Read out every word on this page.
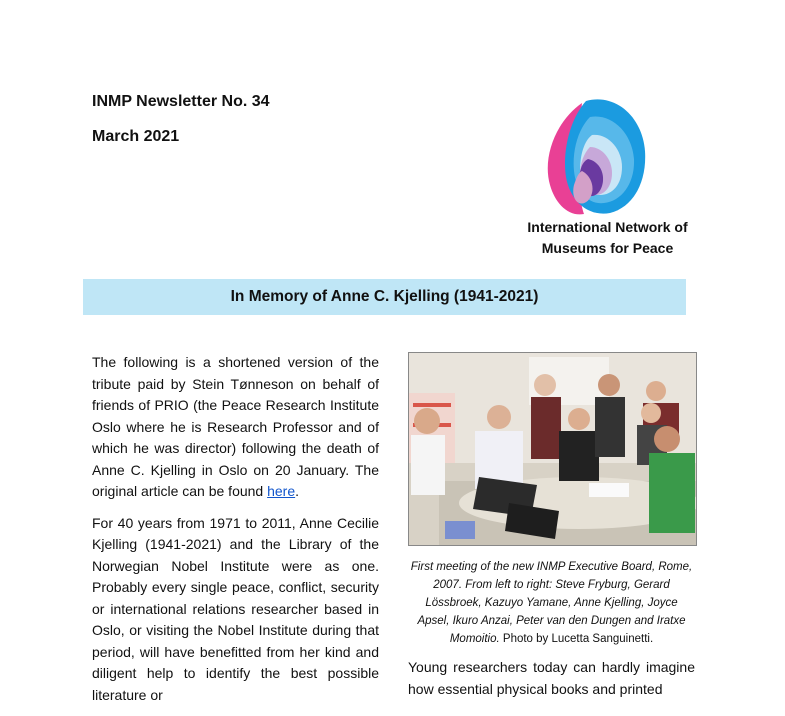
INMP Newsletter No. 34

March 2021

International Network of
Museums for Peace
In Memory of Anne C. Kjelling (1941-2021)

The following is a shortened version of the tribute paid by Stein Tønneson on behalf of friends of PRIO (the Peace Research Institute Oslo where he is Research Professor and of which he was director) following the death of Anne C. Kjelling in Oslo on 20 January. The original article can be found here.

For 40 years from 1971 to 2011, Anne Cecilie Kjelling (1941-2021) and the Library of the Norwegian Nobel Institute were as one. Probably every single peace, conflict, security or international relations researcher based in Oslo, or visiting the Nobel Institute during that period, will have benefitted from her kind and diligent help to identify the best possible literature or

First meeting of the new INMP Executive Board, Rome, 2007. From left to right: Steve Fryburg, Gerard Lössbroek, Kazuyo Yamane, Anne Kjelling, Joyce Apsel, Ikuro Anzai, Peter van den Dungen and Iratxe Momoitio. Photo by Lucetta Sanguinetti.

Young researchers today can hardly imagine how essential physical books and printed
